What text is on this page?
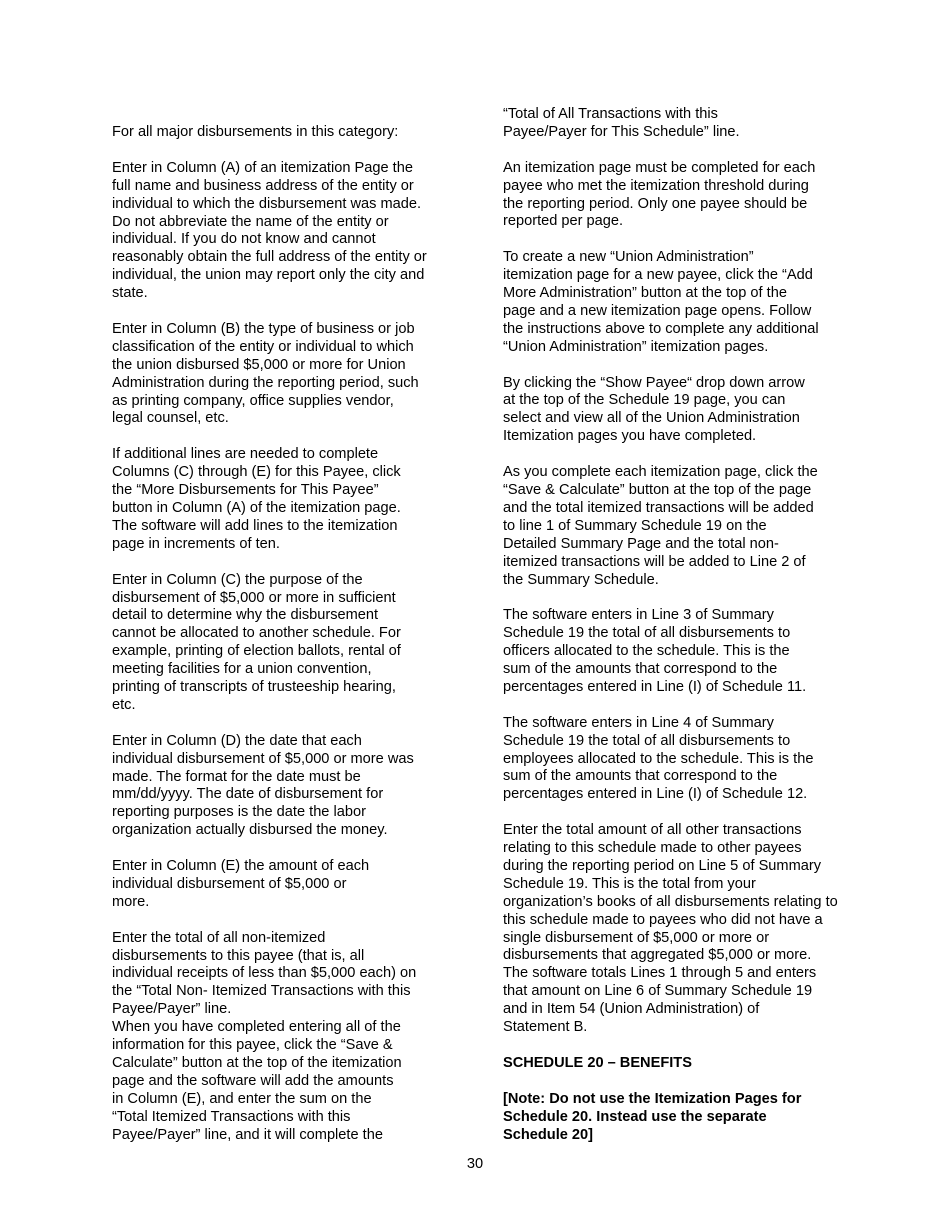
For all major disbursements in this category:

Enter in Column (A) of an itemization Page the
full name and business address of the entity or
individual to which the disbursement was made.
Do not abbreviate the name of the entity or
individual. If you do not know and cannot
reasonably obtain the full address of the entity or
individual, the union may report only the city and
state.

Enter in Column (B) the type of business or job
classification of the entity or individual to which
the union disbursed $5,000 or more for Union
Administration during the reporting period, such
as printing company, office supplies vendor,
legal counsel, etc.

If additional lines are needed to complete
Columns (C) through (E) for this Payee, click
the “More Disbursements for This Payee”
button in Column (A) of the itemization page.
The software will add lines to the itemization
page in increments of ten.

Enter in Column (C) the purpose of the
disbursement of $5,000 or more in sufficient
detail to determine why the disbursement
cannot be allocated to another schedule. For
example, printing of election ballots, rental of
meeting facilities for a union convention,
printing of transcripts of trusteeship hearing,
etc.

Enter in Column (D) the date that each
individual disbursement of $5,000 or more was
made. The format for the date must be
mm/dd/yyyy. The date of disbursement for
reporting purposes is the date the labor
organization actually disbursed the money.

Enter in Column (E) the amount of each
individual disbursement of $5,000 or
more.

Enter the total of all non-itemized
disbursements to this payee (that is, all
individual receipts of less than $5,000 each) on
the “Total Non- Itemized Transactions with this
Payee/Payer” line.

When you have completed entering all of the
information for this payee, click the “Save &
Calculate” button at the top of the itemization
page and the software will add the amounts
in Column (E), and enter the sum on the
“Total Itemized Transactions with this
Payee/Payer” line, and it will complete the

“Total of All Transactions with this
Payee/Payer for This Schedule” line.

An itemization page must be completed for each
payee who met the itemization threshold during
the reporting period. Only one payee should be
reported per page.

To create a new “Union Administration”
itemization page for a new payee, click the “Add
More Administration” button at the top of the
page and a new itemization page opens. Follow
the instructions above to complete any additional
“Union Administration” itemization pages.

By clicking the “Show Payee“ drop down arrow
at the top of the Schedule 19 page, you can
select and view all of the Union Administration
Itemization pages you have completed.

As you complete each itemization page, click the
“Save & Calculate” button at the top of the page
and the total itemized transactions will be added
to line 1 of Summary Schedule 19 on the
Detailed Summary Page and the total non-
itemized transactions will be added to Line 2 of
the Summary Schedule.

The software enters in Line 3 of Summary
Schedule 19 the total of all disbursements to
officers allocated to the schedule. This is the
sum of the amounts that correspond to the
percentages entered in Line (I) of Schedule 11.

The software enters in Line 4 of Summary
Schedule 19 the total of all disbursements to
employees allocated to the schedule. This is the
sum of the amounts that correspond to the
percentages entered in Line (I) of Schedule 12.

Enter the total amount of all other transactions
relating to this schedule made to other payees
during the reporting period on Line 5 of Summary
Schedule 19. This is the total from your
organization’s books of all disbursements relating to
this schedule made to payees who did not have a
single disbursement of $5,000 or more or
disbursements that aggregated $5,000 or more.
The software totals Lines 1 through 5 and enters
that amount on Line 6 of Summary Schedule 19
and in Item 54 (Union Administration) of
Statement B.

SCHEDULE 20 – BENEFITS

[Note: Do not use the Itemization Pages for
Schedule 20. Instead use the separate
Schedule 20]

30
